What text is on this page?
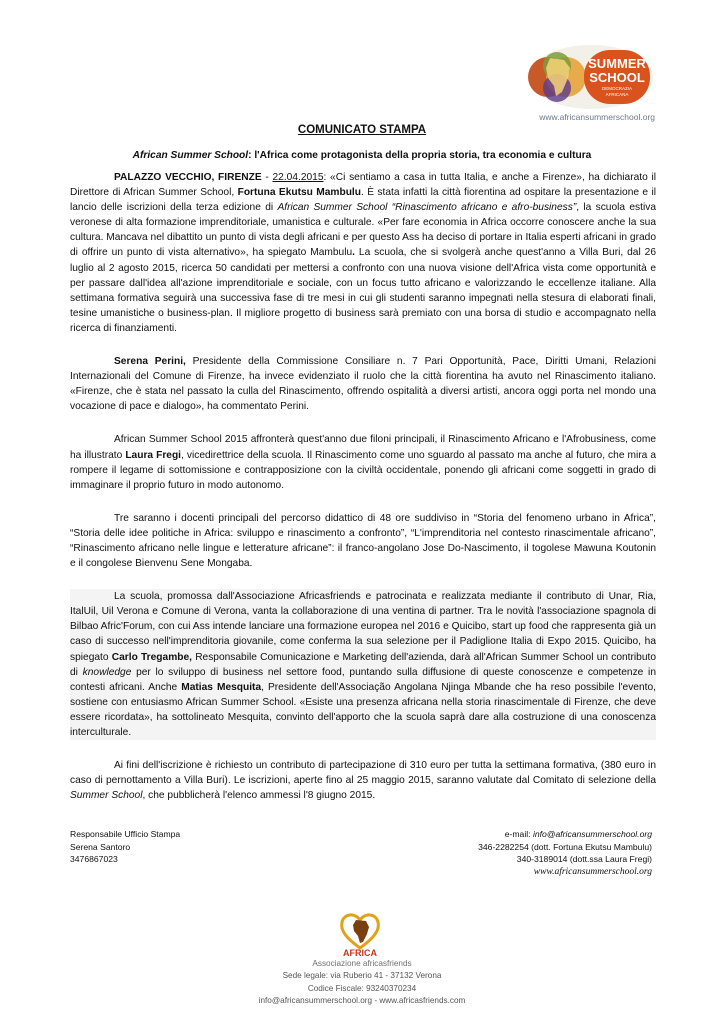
SUMMER
SCHOOL
DEMOCRAZIA
AFRICANA
www.africansummerschool.org
COMUNICATO STAMPA
African Summer School: l'Africa come protagonista della propria storia, tra economia e cultura

PALAZZO VECCHIO, FIRENZE - 22.04.2015: «Ci sentiamo a casa in tutta Italia, e anche a Firenze», ha dichiarato il Direttore di African Summer School, Fortuna Ekutsu Mambulu. È stata infatti la città fiorentina ad ospitare la presentazione e il lancio delle iscrizioni della terza edizione di African Summer School “Rinascimento africano e afro-business”, la scuola estiva veronese di alta formazione imprenditoriale, umanistica e culturale. «Per fare economia in Africa occorre conoscere anche la sua cultura. Mancava nel dibattito un punto di vista degli africani e per questo Ass ha deciso di portare in Italia esperti africani in grado di offrire un punto di vista alternativo», ha spiegato Mambulu. La scuola, che si svolgerà anche quest'anno a Villa Buri, dal 26 luglio al 2 agosto 2015, ricerca 50 candidati per mettersi a confronto con una nuova visione dell'Africa vista come opportunità e per passare dall'idea all'azione imprenditoriale e sociale, con un focus tutto africano e valorizzando le eccellenze italiane. Alla settimana formativa seguirà una successiva fase di tre mesi in cui gli studenti saranno impegnati nella stesura di elaborati finali, tesine umanistiche o business-plan. Il migliore progetto di business sarà premiato con una borsa di studio e accompagnato nella ricerca di finanziamenti.

Serena Perini, Presidente della Commissione Consiliare n. 7 Pari Opportunità, Pace, Diritti Umani, Relazioni Internazionali del Comune di Firenze, ha invece evidenziato il ruolo che la città fiorentina ha avuto nel Rinascimento italiano. «Firenze, che è stata nel passato la culla del Rinascimento, offrendo ospitalità a diversi artisti, ancora oggi porta nel mondo una vocazione di pace e dialogo», ha commentato Perini.

African Summer School 2015 affronterà quest'anno due filoni principali, il Rinascimento Africano e l'Afrobusiness, come ha illustrato Laura Fregi, vicedirettrice della scuola. Il Rinascimento come uno sguardo al passato ma anche al futuro, che mira a rompere il legame di sottomissione e contrapposizione con la civiltà occidentale, ponendo gli africani come soggetti in grado di immaginare il proprio futuro in modo autonomo.

Tre saranno i docenti principali del percorso didattico di 48 ore suddiviso in “Storia del fenomeno urbano in Africa”, “Storia delle idee politiche in Africa: sviluppo e rinascimento a confronto”, “L'imprenditoria nel contesto rinascimentale africano”, “Rinascimento africano nelle lingue e letterature africane”: il franco-angolano Jose Do-Nascimento, il togolese Mawuna Koutonin e il congolese Bienvenu Sene Mongaba.

La scuola, promossa dall'Associazione Africasfriends e patrocinata e realizzata mediante il contributo di Unar, Ria, ItalUil, Uil Verona e Comune di Verona, vanta la collaborazione di una ventina di partner. Tra le novità l'associazione spagnola di Bilbao Afric'Forum, con cui Ass intende lanciare una formazione europea nel 2016 e Quicibo, start up food che rappresenta già un caso di successo nell'imprenditoria giovanile, come conferma la sua selezione per il Padiglione Italia di Expo 2015. Quicibo, ha spiegato Carlo Tregambe, Responsabile Comunicazione e Marketing dell'azienda, darà all'African Summer School un contributo di knowledge per lo sviluppo di business nel settore food, puntando sulla diffusione di queste conoscenze e competenze in contesti africani. Anche Matias Mesquita, Presidente dell'Associação Angolana Njinga Mbande che ha reso possibile l'evento, sostiene con entusiasmo African Summer School. «Esiste una presenza africana nella storia rinascimentale di Firenze, che deve essere ricordata», ha sottolineato Mesquita, convinto dell'apporto che la scuola saprà dare alla costruzione di una conoscenza interculturale.

Ai fini dell'iscrizione è richiesto un contributo di partecipazione di 310 euro per tutta la settimana formativa, (380 euro in caso di pernottamento a Villa Buri). Le iscrizioni, aperte fino al 25 maggio 2015, saranno valutate dal Comitato di selezione della Summer School, che pubblicherà l'elenco ammessi l'8 giugno 2015.

Responsabile Ufficio Stampa
Serena Santoro
3476867023
e-mail: info@africansummerschool.org
346-2282254 (dott. Fortuna Ekutsu Mambulu)
340-3189014 (dott.ssa Laura Fregi)
www.africansummerschool.org
AFRICA
Associazione africasfriends
Sede legale: via Ruberio 41 - 37132 Verona
Codice Fiscale: 93240370234
info@africansummerschool.org - www.africasfriends.com
